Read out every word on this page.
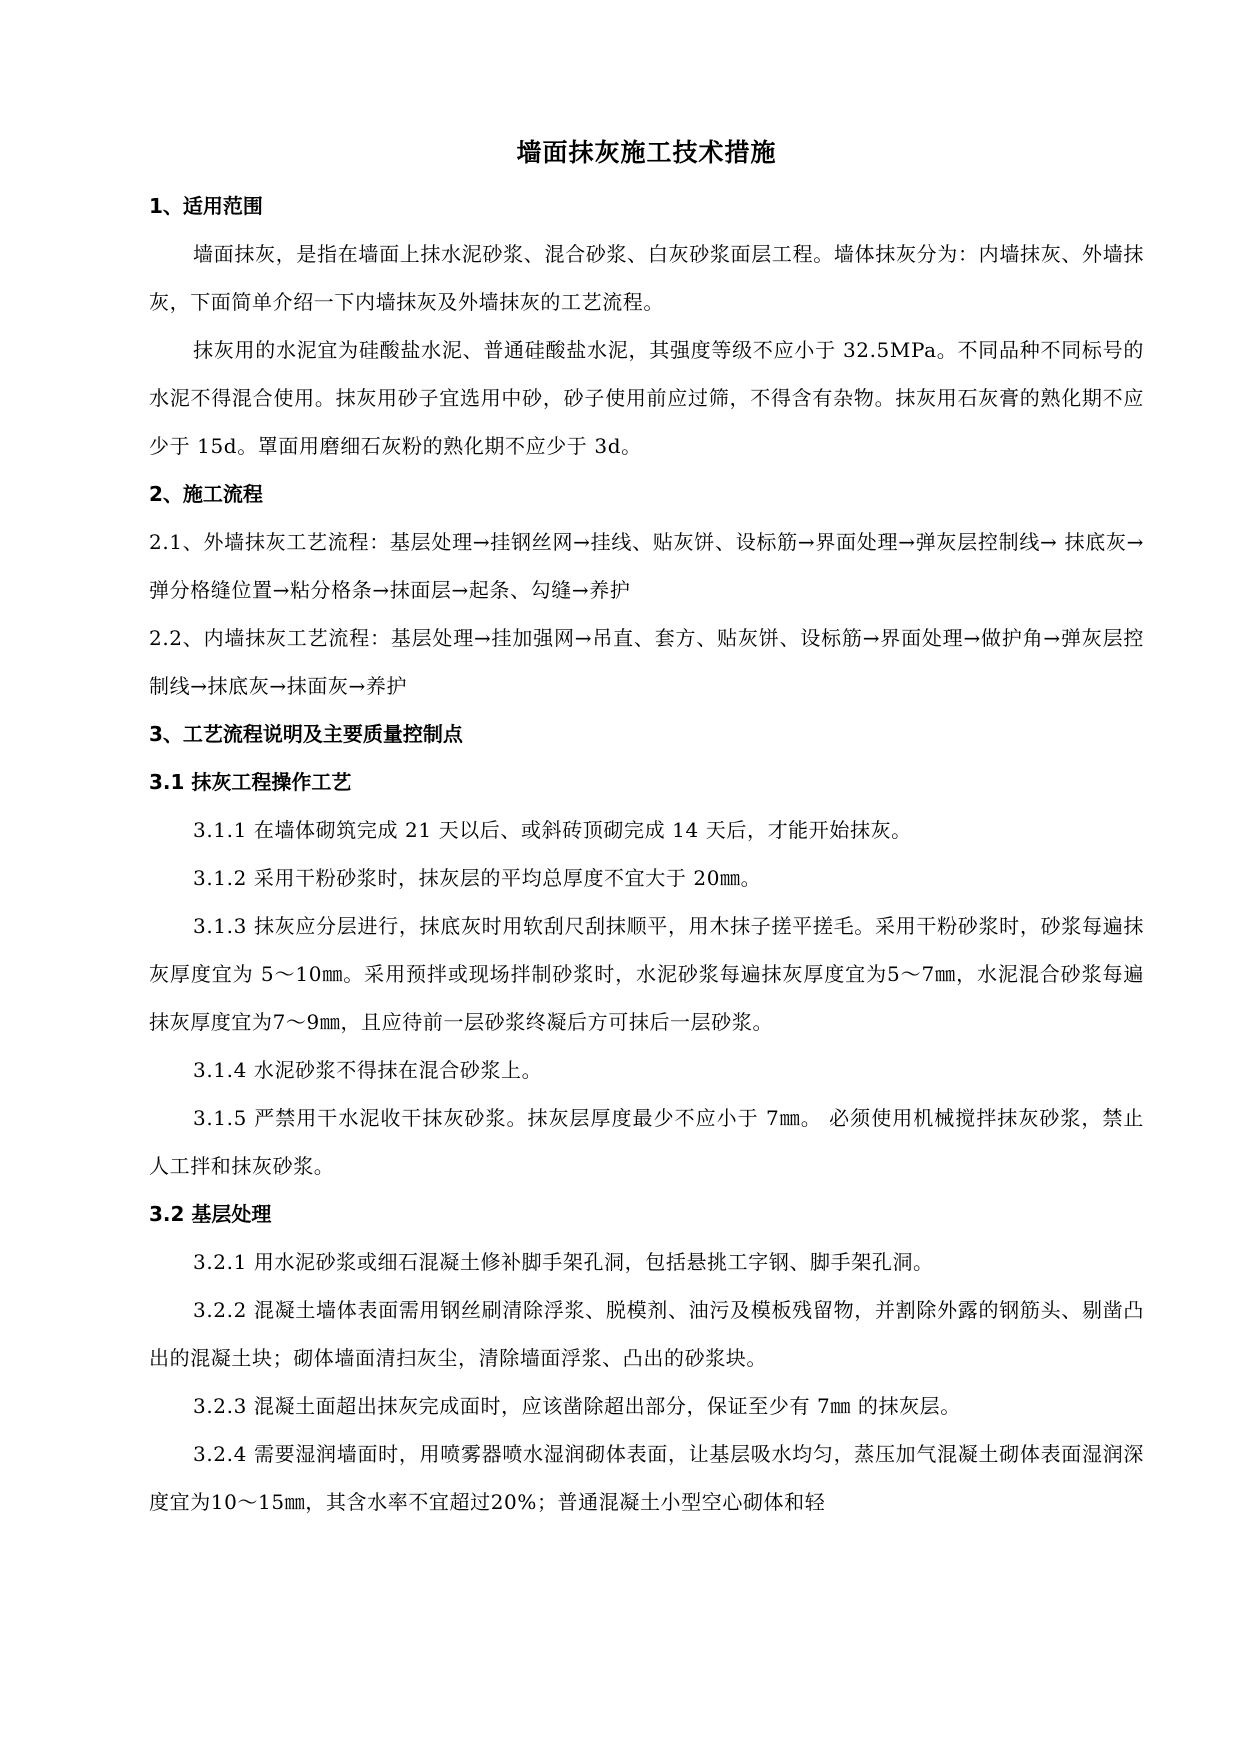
墙面抹灰施工技术措施
1、适用范围

墙面抹灰，是指在墙面上抹水泥砂浆、混合砂浆、白灰砂浆面层工程。墙体抹灰分为：内墙抹灰、外墙抹灰，下面简单介绍一下内墙抹灰及外墙抹灰的工艺流程。

抹灰用的水泥宜为硅酸盐水泥、普通硅酸盐水泥，其强度等级不应小于 32.5MPa。不同品种不同标号的水泥不得混合使用。抹灰用砂子宜选用中砂，砂子使用前应过筛，不得含有杂物。抹灰用石灰膏的熟化期不应少于 15d。罩面用磨细石灰粉的熟化期不应少于 3d。

2、施工流程

2.1、外墙抹灰工艺流程：基层处理→挂钢丝网→挂线、贴灰饼、设标筋→界面处理→弹灰层控制线→ 抹底灰→弹分格缝位置→粘分格条→抹面层→起条、勾缝→养护

2.2、内墙抹灰工艺流程：基层处理→挂加强网→吊直、套方、贴灰饼、设标筋→界面处理→做护角→弹灰层控制线→抹底灰→抹面灰→养护

3、工艺流程说明及主要质量控制点
3.1 抹灰工程操作工艺

3.1.1 在墙体砌筑完成 21 天以后、或斜砖顶砌完成 14 天后，才能开始抹灰。

3.1.2 采用干粉砂浆时，抹灰层的平均总厚度不宜大于 20㎜。

3.1.3 抹灰应分层进行，抹底灰时用软刮尺刮抹顺平，用木抹子搓平搓毛。采用干粉砂浆时，砂浆每遍抹灰厚度宜为 5～10㎜。采用预拌或现场拌制砂浆时，水泥砂浆每遍抹灰厚度宜为5～7㎜，水泥混合砂浆每遍抹灰厚度宜为7～9㎜，且应待前一层砂浆终凝后方可抹后一层砂浆。

3.1.4 水泥砂浆不得抹在混合砂浆上。

3.1.5 严禁用干水泥收干抹灰砂浆。抹灰层厚度最少不应小于 7㎜。 必须使用机械搅拌抹灰砂浆，禁止人工拌和抹灰砂浆。

3.2 基层处理

3.2.1 用水泥砂浆或细石混凝土修补脚手架孔洞，包括悬挑工字钢、脚手架孔洞。

3.2.2 混凝土墙体表面需用钢丝刷清除浮浆、脱模剂、油污及模板残留物，并割除外露的钢筋头、剔凿凸出的混凝土块；砌体墙面清扫灰尘，清除墙面浮浆、凸出的砂浆块。

3.2.3 混凝土面超出抹灰完成面时，应该凿除超出部分，保证至少有 7㎜ 的抹灰层。

3.2.4 需要湿润墙面时，用喷雾器喷水湿润砌体表面，让基层吸水均匀，蒸压加气混凝土砌体表面湿润深度宜为10～15㎜，其含水率不宜超过20%；普通混凝土小型空心砌体和轻
